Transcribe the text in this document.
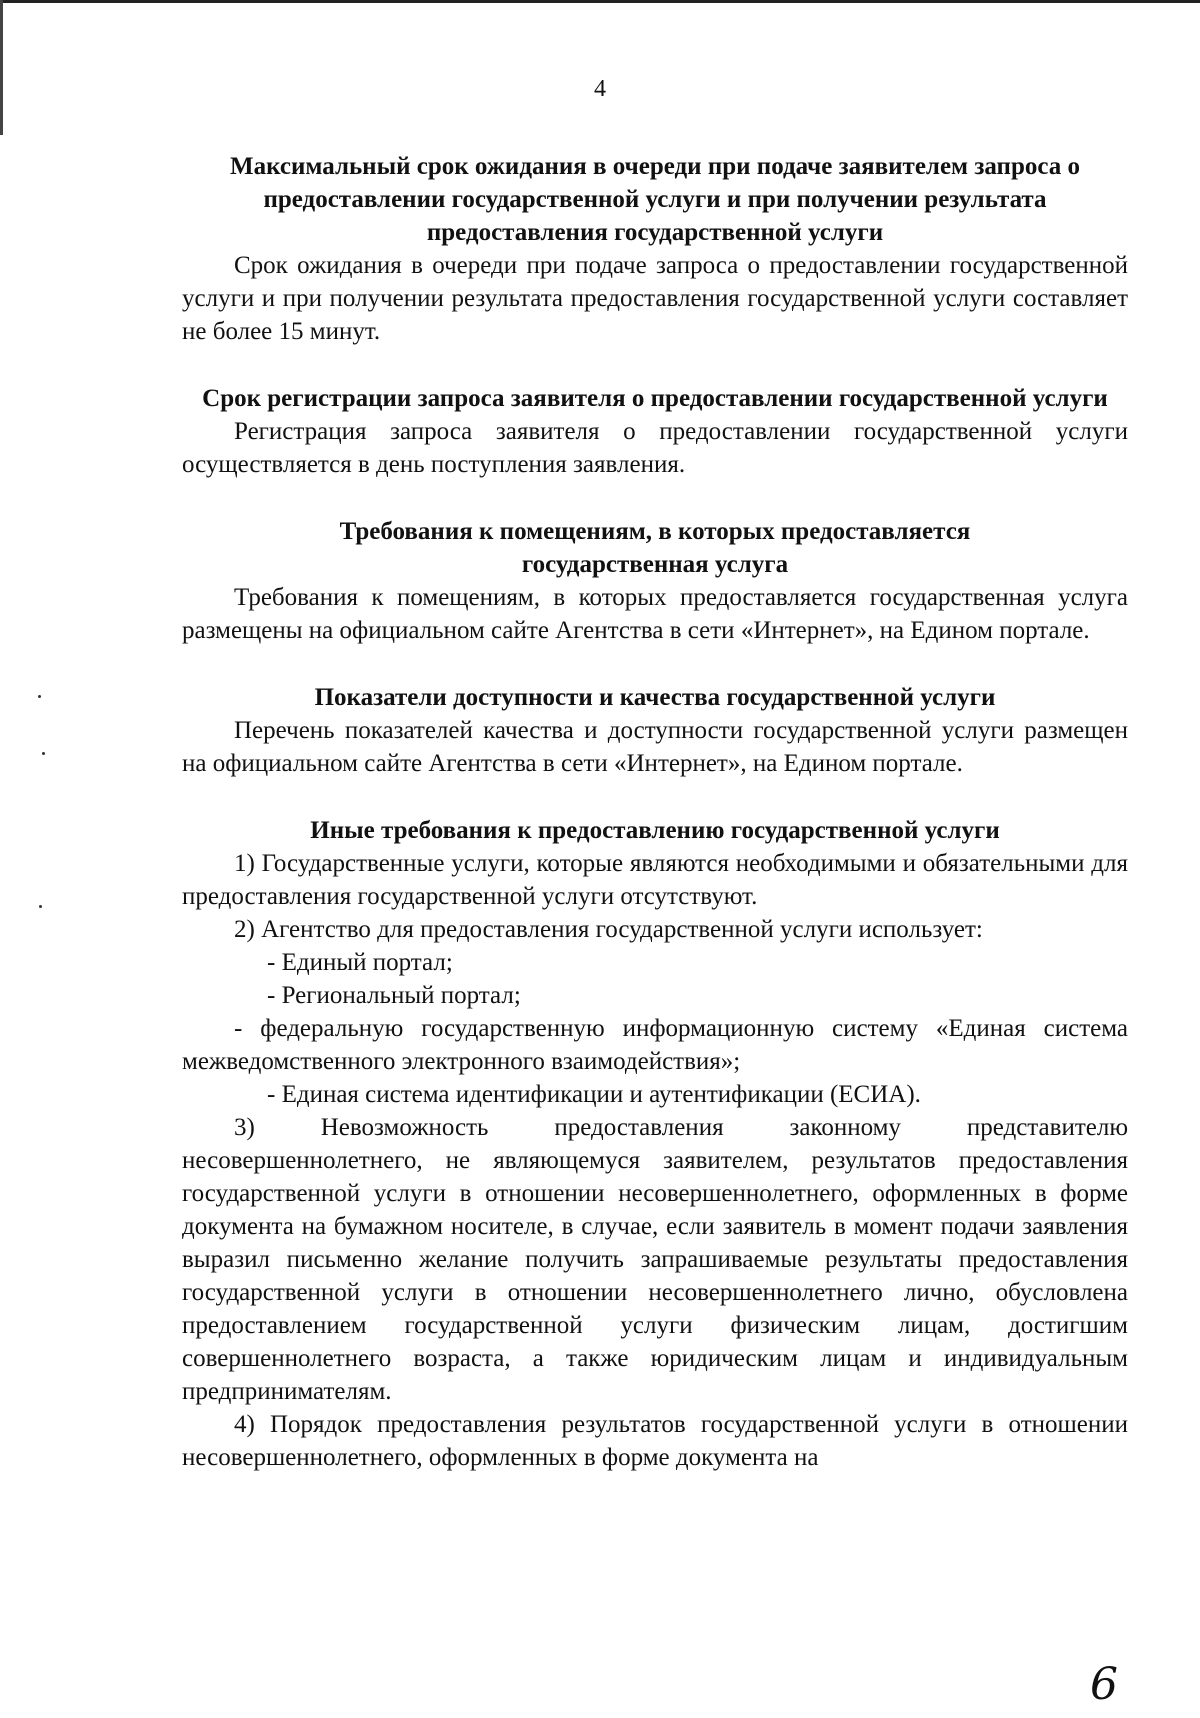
4

Максимальный срок ожидания в очереди при подаче заявителем запроса о предоставлении государственной услуги и при получении результата предоставления государственной услуги

Срок ожидания в очереди при подаче запроса о предоставлении государственной услуги и при получении результата предоставления государственной услуги составляет не более 15 минут.

Срок регистрации запроса заявителя о предоставлении государственной услуги

Регистрация запроса заявителя о предоставлении государственной услуги осуществляется в день поступления заявления.

Требования к помещениям, в которых предоставляется государственная услуга

Требования к помещениям, в которых предоставляется государственная услуга размещены на официальном сайте Агентства в сети «Интернет», на Едином портале.

Показатели доступности и качества государственной услуги

Перечень показателей качества и доступности государственной услуги размещен на официальном сайте Агентства в сети «Интернет», на Едином портале.

Иные требования к предоставлению государственной услуги

1) Государственные услуги, которые являются необходимыми и обязательными для предоставления государственной услуги отсутствуют.

2) Агентство для предоставления государственной услуги использует:

- Единый портал;

- Региональный портал;

- федеральную государственную информационную систему «Единая система межведомственного электронного взаимодействия»;

- Единая система идентификации и аутентификации (ЕСИА).

3) Невозможность предоставления законному представителю несовершеннолетнего, не являющемуся заявителем, результатов предоставления государственной услуги в отношении несовершеннолетнего, оформленных в форме документа на бумажном носителе, в случае, если заявитель в момент подачи заявления выразил письменно желание получить запрашиваемые результаты предоставления государственной услуги в отношении несовершеннолетнего лично, обусловлена предоставлением государственной услуги физическим лицам, достигшим совершеннолетнего возраста, а также юридическим лицам и индивидуальным предпринимателям.

4) Порядок предоставления результатов государственной услуги в отношении несовершеннолетнего, оформленных в форме документа на

6
